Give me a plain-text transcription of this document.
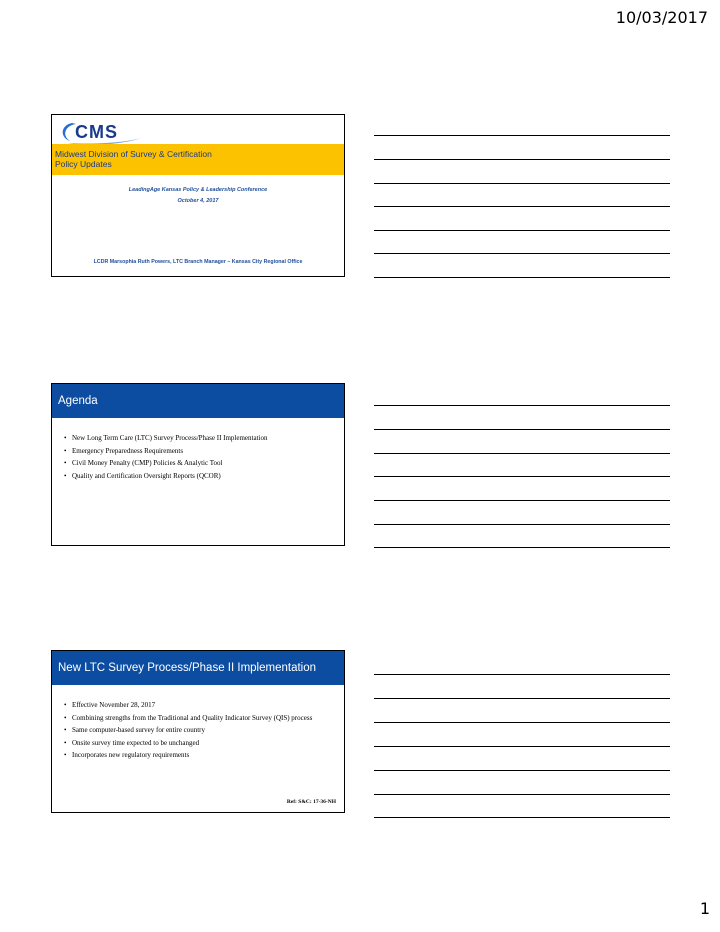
10/03/2017
CMS
Midwest Division of Survey & Certification
Policy Updates
LeadingAge Kansas Policy & Leadership Conference
October 4, 2017
LCDR Marsophia Ruth Powers, LTC Branch Manager – Kansas City Regional Office
Agenda
• New Long Term Care (LTC) Survey Process/Phase II Implementation
• Emergency Preparedness Requirements
• Civil Money Penalty (CMP) Policies & Analytic Tool
• Quality and Certification Oversight Reports (QCOR)
New LTC Survey Process/Phase II Implementation
• Effective November 28, 2017
• Combining strengths from the Traditional and Quality Indicator Survey (QIS) process
• Same computer-based survey for entire country
• Onsite survey time expected to be unchanged
• Incorporates new regulatory requirements
Ref: S&C: 17-36-NH
1
